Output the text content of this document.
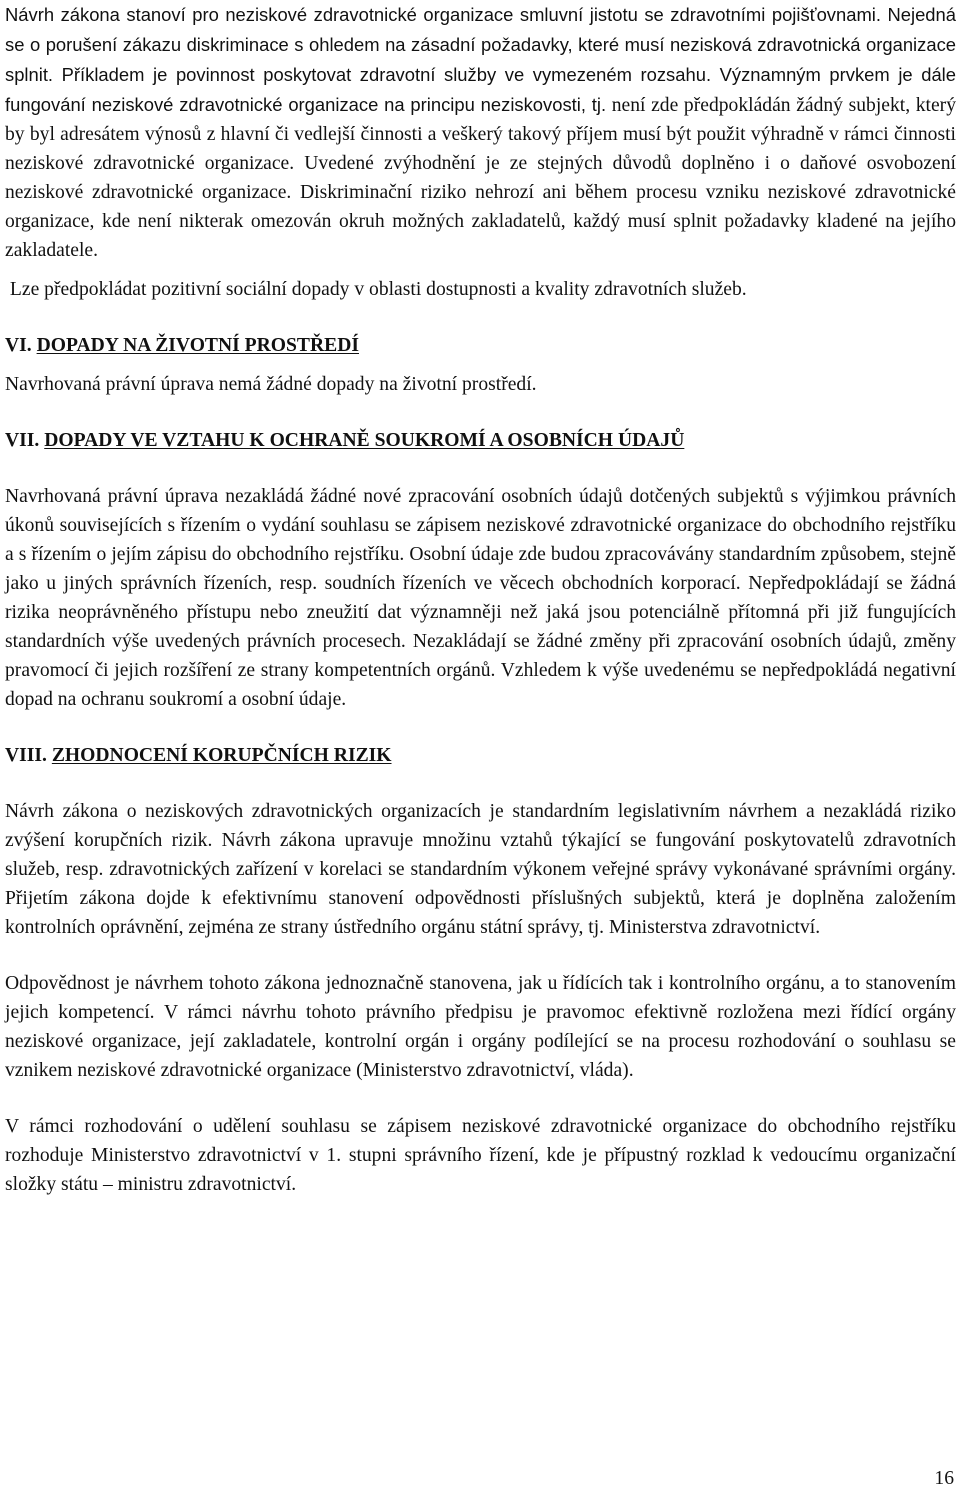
Návrh zákona stanoví pro neziskové zdravotnické organizace smluvní jistotu se zdravotními pojišťovnami. Nejedná se o porušení zákazu diskriminace s ohledem na zásadní požadavky, které musí nezisková zdravotnická organizace splnit. Příkladem je povinnost poskytovat zdravotní služby ve vymezeném rozsahu. Významným prvkem je dále fungování neziskové zdravotnické organizace na principu neziskovosti, tj. není zde předpokládán žádný subjekt, který by byl adresátem výnosů z hlavní či vedlejší činnosti a veškerý takový příjem musí být použit výhradně v rámci činnosti neziskové zdravotnické organizace. Uvedené zvýhodnění je ze stejných důvodů doplněno i o daňové osvobození neziskové zdravotnické organizace. Diskriminační riziko nehrozí ani během procesu vzniku neziskové zdravotnické organizace, kde není nikterak omezován okruh možných zakladatelů, každý musí splnit požadavky kladené na jejího zakladatele.

Lze předpokládat pozitivní sociální dopady v oblasti dostupnosti a kvality zdravotních služeb.

VI. DOPADY NA ŽIVOTNÍ PROSTŘEDÍ

Navrhovaná právní úprava nemá žádné dopady na životní prostředí.

VII. DOPADY VE VZTAHU K OCHRANĚ SOUKROMÍ A OSOBNÍCH ÚDAJŮ

Navrhovaná právní úprava nezakládá žádné nové zpracování osobních údajů dotčených subjektů s výjimkou právních úkonů souvisejících s řízením o vydání souhlasu se zápisem neziskové zdravotnické organizace do obchodního rejstříku a s řízením o jejím zápisu do obchodního rejstříku. Osobní údaje zde budou zpracovávány standardním způsobem, stejně jako u jiných správních řízeních, resp. soudních řízeních ve věcech obchodních korporací. Nepředpokládají se žádná rizika neoprávněného přístupu nebo zneužití dat významněji než jaká jsou potenciálně přítomná při již fungujících standardních výše uvedených právních procesech. Nezakládají se žádné změny při zpracování osobních údajů, změny pravomocí či jejich rozšíření ze strany kompetentních orgánů. Vzhledem k výše uvedenému se nepředpokládá negativní dopad na ochranu soukromí a osobní údaje.

VIII. ZHODNOCENÍ KORUPČNÍCH RIZIK

Návrh zákona o neziskových zdravotnických organizacích je standardním legislativním návrhem a nezakládá riziko zvýšení korupčních rizik. Návrh zákona upravuje množinu vztahů týkající se fungování poskytovatelů zdravotních služeb, resp. zdravotnických zařízení v korelaci se standardním výkonem veřejné správy vykonávané správními orgány. Přijetím zákona dojde k efektivnímu stanovení odpovědnosti příslušných subjektů, která je doplněna založením kontrolních oprávnění, zejména ze strany ústředního orgánu státní správy, tj. Ministerstva zdravotnictví.

Odpovědnost je návrhem tohoto zákona jednoznačně stanovena, jak u řídících tak i kontrolního orgánu, a to stanovením jejich kompetencí. V rámci návrhu tohoto právního předpisu je pravomoc efektivně rozložena mezi řídící orgány neziskové organizace, její zakladatele, kontrolní orgán i orgány podílející se na procesu rozhodování o souhlasu se vznikem neziskové zdravotnické organizace (Ministerstvo zdravotnictví, vláda).

V rámci rozhodování o udělení souhlasu se zápisem neziskové zdravotnické organizace do obchodního rejstříku rozhoduje Ministerstvo zdravotnictví v 1. stupni správního řízení, kde je přípustný rozklad k vedoucímu organizační složky státu – ministru zdravotnictví.

16
